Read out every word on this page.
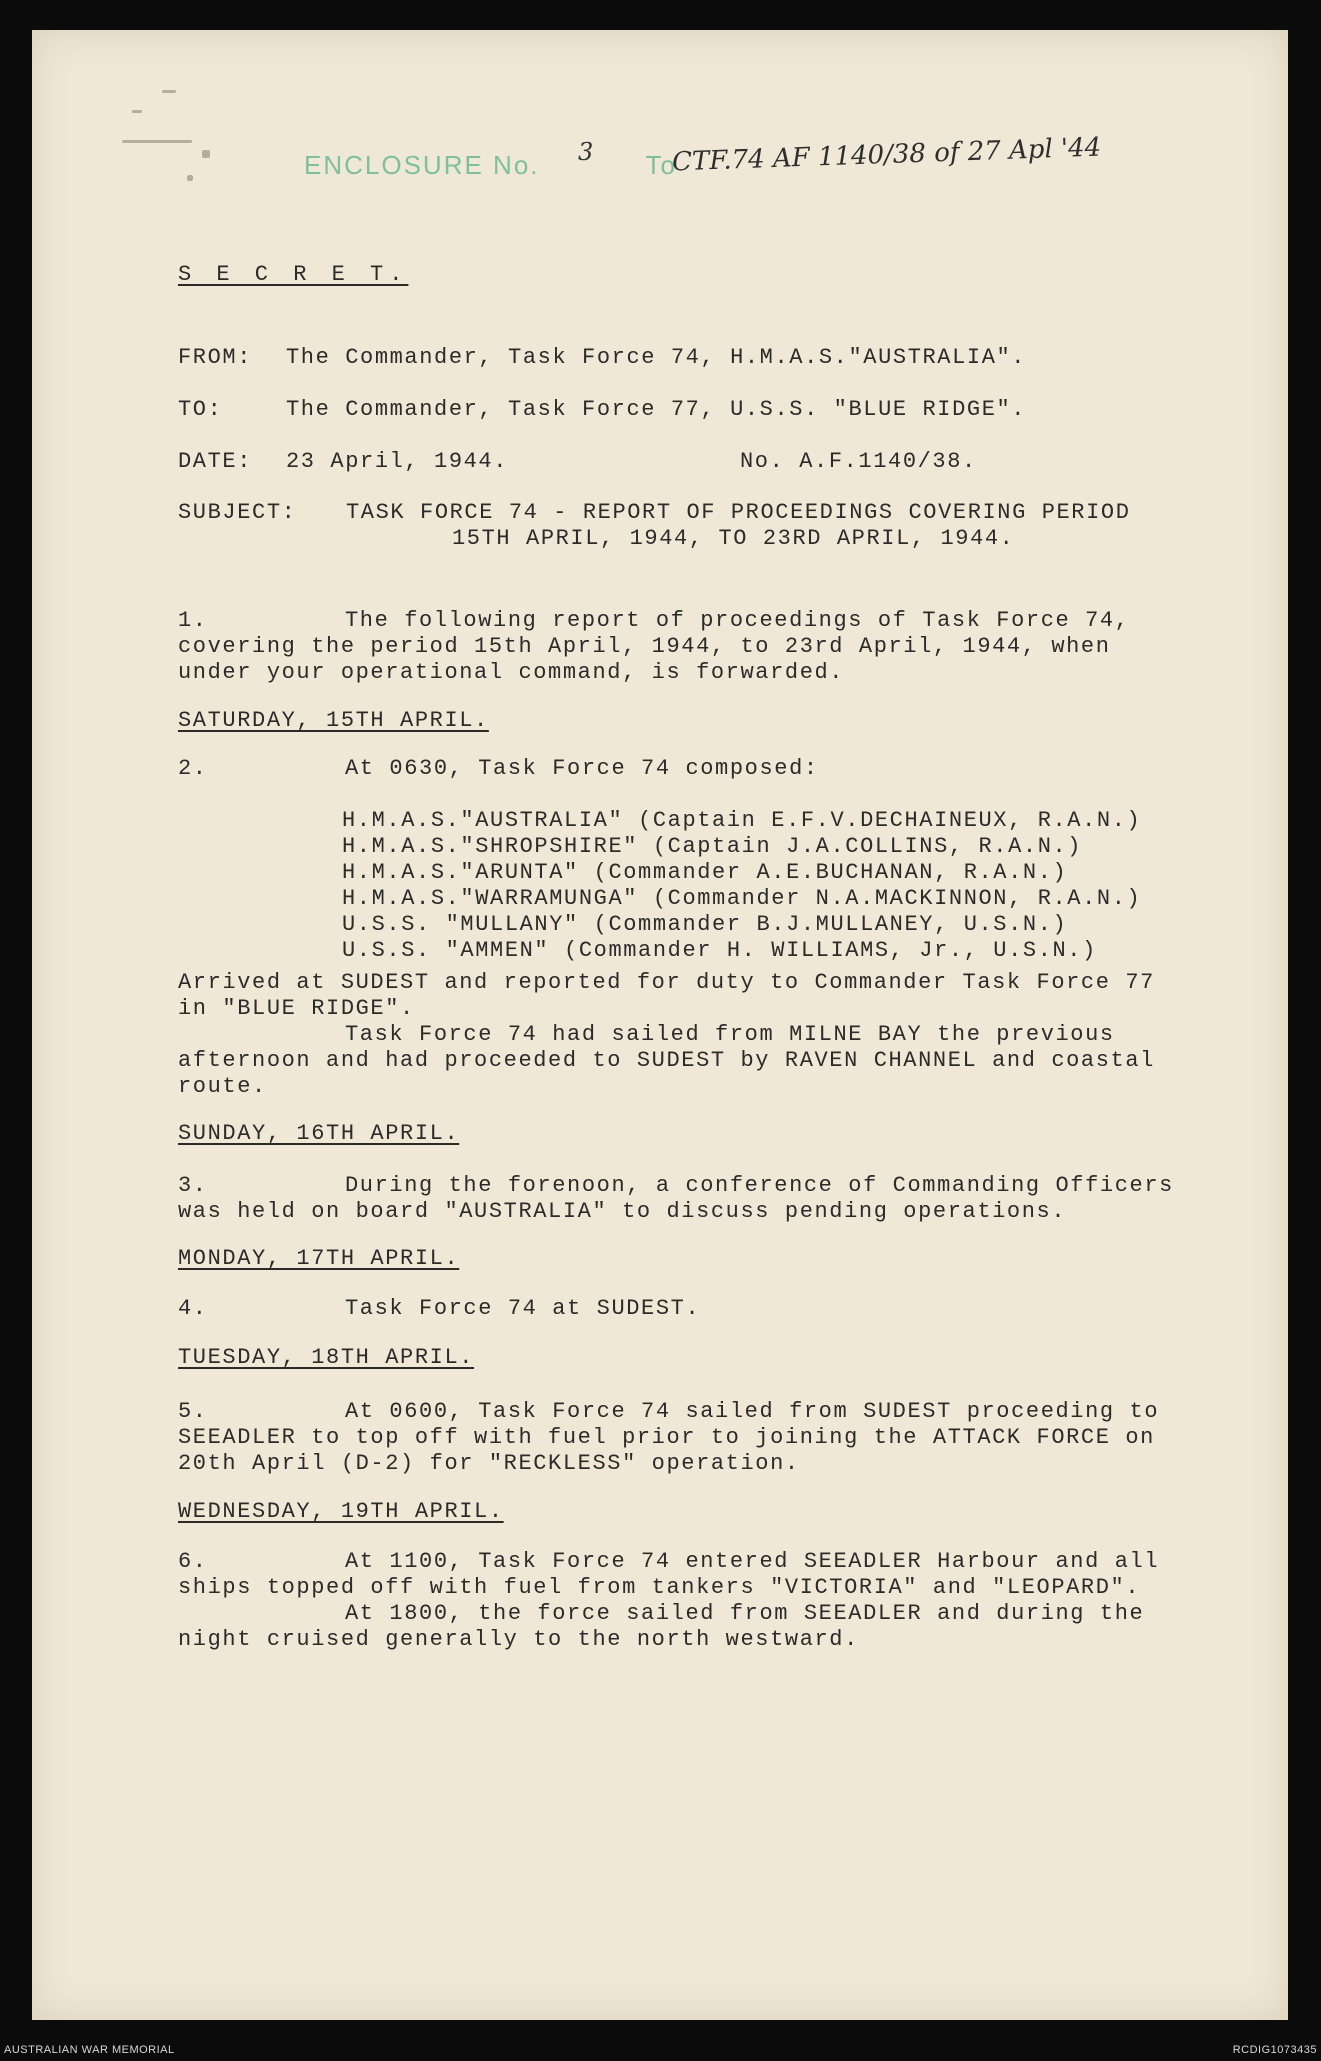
ENCLOSURE No.	To
3	CTF.74 AF 1140/38 of 27 Apl '44
S E C R E T.
FROM: The Commander, Task Force 74, H.M.A.S."AUSTRALIA".
TO:	The Commander, Task Force 77, U.S.S. "BLUE RIDGE".
DATE: 23 April, 1944.	No. A.F.1140/38.
SUBJECT: TASK FORCE 74 - REPORT OF PROCEEDINGS COVERING PERIOD
15TH APRIL, 1944, TO 23RD APRIL, 1944.
1.	The following report of proceedings of Task Force 74,
covering the period 15th April, 1944, to 23rd April, 1944, when
under your operational command, is forwarded.
SATURDAY, 15TH APRIL.
2.	At 0630, Task Force 74 composed:
H.M.A.S."AUSTRALIA" (Captain E.F.V.DECHAINEUX, R.A.N.)
H.M.A.S."SHROPSHIRE" (Captain J.A.COLLINS, R.A.N.)
H.M.A.S."ARUNTA" (Commander A.E.BUCHANAN, R.A.N.)
H.M.A.S."WARRAMUNGA" (Commander N.A.MACKINNON, R.A.N.)
U.S.S. "MULLANY" (Commander B.J.MULLANEY, U.S.N.)
U.S.S. "AMMEN" (Commander H. WILLIAMS, Jr., U.S.N.)
Arrived at SUDEST and reported for duty to Commander Task Force 77
in "BLUE RIDGE".
Task Force 74 had sailed from MILNE BAY the previous
afternoon and had proceeded to SUDEST by RAVEN CHANNEL and coastal
route.
SUNDAY, 16TH APRIL.
3.	During the forenoon, a conference of Commanding Officers
was held on board "AUSTRALIA" to discuss pending operations.
MONDAY, 17TH APRIL.
4.	Task Force 74 at SUDEST.
TUESDAY, 18TH APRIL.
5.	At 0600, Task Force 74 sailed from SUDEST proceeding to
SEEADLER to top off with fuel prior to joining the ATTACK FORCE on
20th April (D-2) for "RECKLESS" operation.
WEDNESDAY, 19TH APRIL.
6.	At 1100, Task Force 74 entered SEEADLER Harbour and all
ships topped off with fuel from tankers "VICTORIA" and "LEOPARD".
At 1800, the force sailed from SEEADLER and during the
night cruised generally to the north westward.
AUSTRALIAN WAR MEMORIAL	RCDIG1073435
